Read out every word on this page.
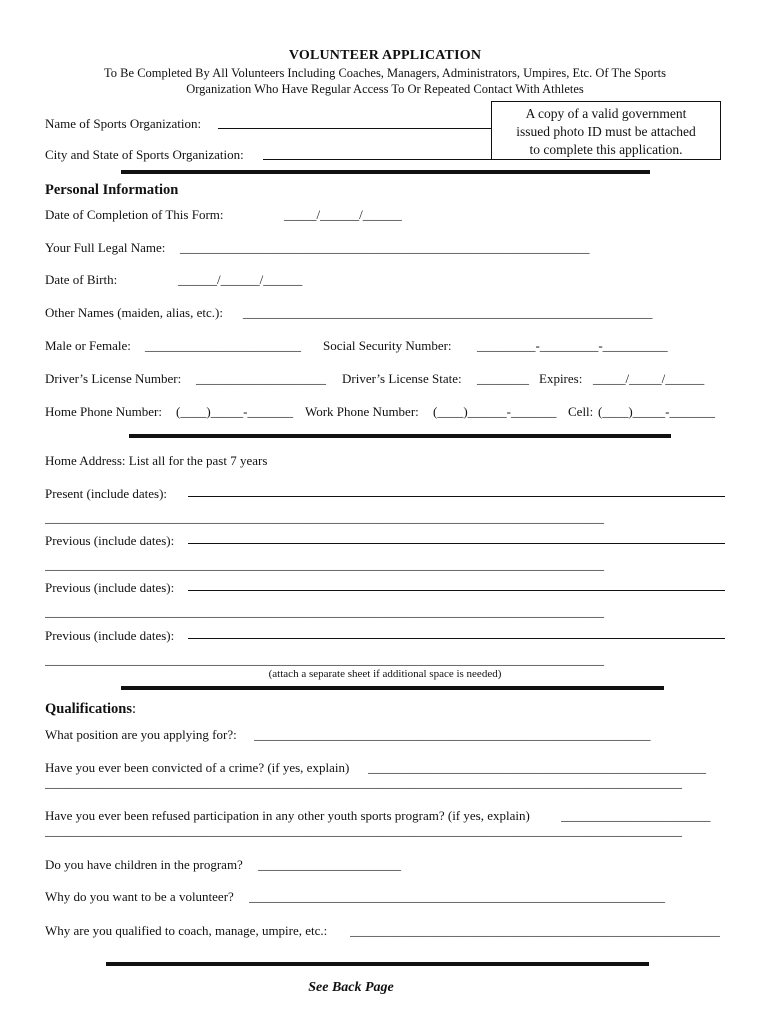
VOLUNTEER APPLICATION
To Be Completed By All Volunteers Including Coaches, Managers, Administrators, Umpires, Etc. Of The Sports
Organization Who Have Regular Access To Or Repeated Contact With Athletes
Name of Sports Organization:
City and State of Sports Organization:
A copy of a valid government
issued photo ID must be attached
to complete this application.
Personal Information
Date of Completion of This Form:	_____/______/______
Your Full Legal Name: _______________________________________________________________
Date of Birth:	______/______/______
Other Names (maiden, alias, etc.): _______________________________________________________________
Male or Female: ________________________ Social Security Number: _________-_________-__________
Driver’s License Number: ____________________ Driver’s License State: ________ Expires: _____/_____/______
Home Phone Number: (____)_____-_______ Work Phone Number: (____)______-_______ Cell: (____)_____-_______
Home Address: List all for the past 7 years
Present (include dates):
______________________________________________________________________________________
Previous (include dates):
______________________________________________________________________________________
Previous (include dates):
______________________________________________________________________________________
Previous (include dates):
______________________________________________________________________________________
(attach a separate sheet if additional space is needed)
Qualifications:
What position are you applying for?: _____________________________________________________________
Have you ever been convicted of a crime? (if yes, explain) ____________________________________________________
__________________________________________________________________________________________________
Have you ever been refused participation in any other youth sports program? (if yes, explain) _______________________
__________________________________________________________________________________________________
Do you have children in the program? ______________________
Why do you want to be a volunteer? ________________________________________________________________
Why are you qualified to coach, manage, umpire, etc.: _________________________________________________________
See Back Page
